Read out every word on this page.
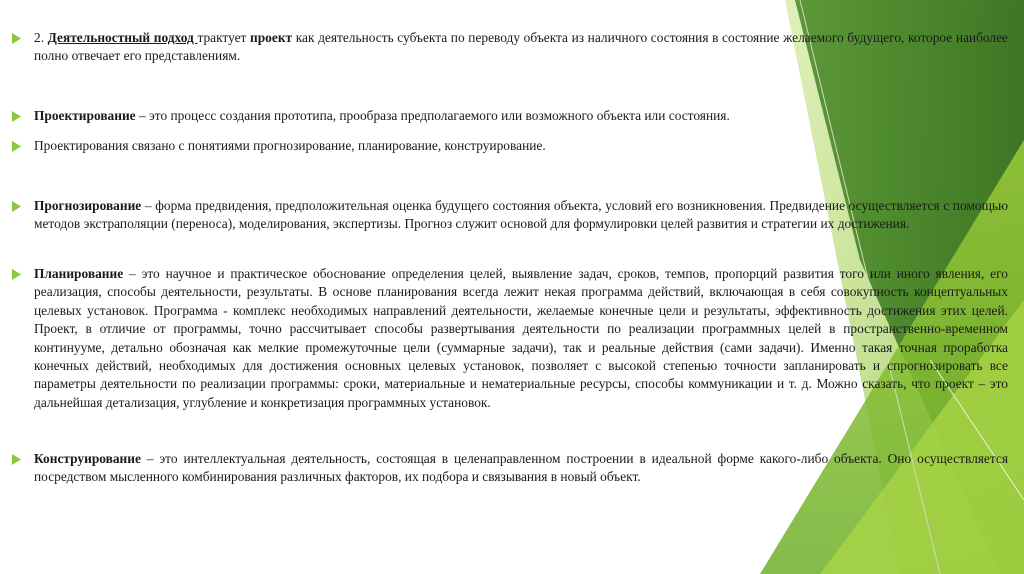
2. Деятельностный подход трактует проект как деятельность субъекта по переводу объекта из наличного состояния в состояние желаемого будущего, которое наиболее полно отвечает его представлениям.
Проектирование – это процесс создания прототипа, прообраза предполагаемого или возможного объекта или состояния.
Проектирования связано с понятиями прогнозирование, планирование, конструирование.
Прогнозирование – форма предвидения, предположительная оценка будущего состояния объекта, условий его возникновения. Предвидение осуществляется с помощью методов экстраполяции (переноса), моделирования, экспертизы. Прогноз служит основой для формулировки целей развития и стратегии их достижения.
Планирование – это научное и практическое обоснование определения целей, выявление задач, сроков, темпов, пропорций развития того или иного явления, его реализация, способы деятельности, результаты. В основе планирования всегда лежит некая программа действий, включающая в себя совокупность концептуальных целевых установок. Программа - комплекс необходимых направлений деятельности, желаемые конечные цели и результаты, эффективность достижения этих целей. Проект, в отличие от программы, точно рассчитывает способы развертывания деятельности по реализации программных целей в пространственно-временном континууме, детально обозначая как мелкие промежуточные цели (суммарные задачи), так и реальные действия (сами задачи). Именно такая точная проработка конечных действий, необходимых для достижения основных целевых установок, позволяет с высокой степенью точности запланировать и спрогнозировать все параметры деятельности по реализации программы: сроки, материальные и нематериальные ресурсы, способы коммуникации и т. д. Можно сказать, что проект – это дальнейшая детализация, углубление и конкретизация программных установок.
Конструирование – это интеллектуальная деятельность, состоящая в целенаправленном построении в идеальной форме какого-либо объекта. Оно осуществляется посредством мысленного комбинирования различных факторов, их подбора и связывания в новый объект.
